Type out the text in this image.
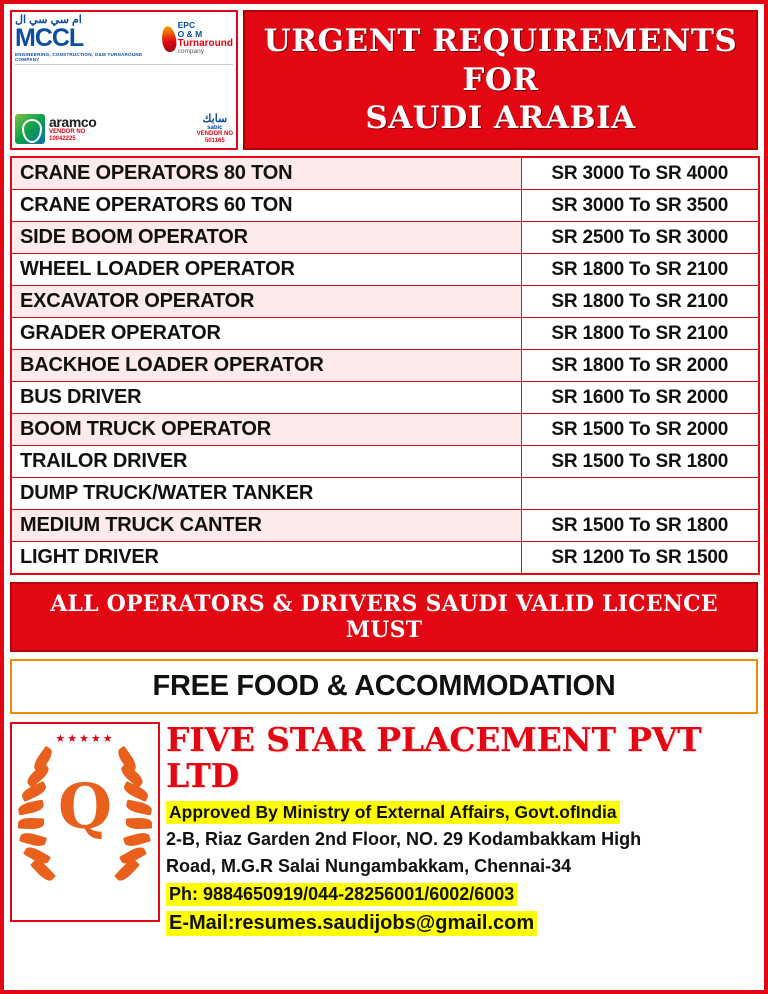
ام سي سي ال
MCCL
ENGINEERING, CONSTRUCTION, O&M TURNAROUND COMPANY
EPC
O & M
Turnaround
company
aramco
VENDOR NO
10042225
سابك
sabic
VENDOR NO
501165
URGENT REQUIREMENTS FOR
SAUDI ARABIA
CRANE OPERATORS 80 TON	SR 3000 To SR 4000
CRANE OPERATORS 60 TON	SR 3000 To SR 3500
SIDE BOOM OPERATOR	SR 2500 To SR 3000
WHEEL LOADER OPERATOR	SR 1800 To SR 2100
EXCAVATOR OPERATOR	SR 1800 To SR 2100
GRADER OPERATOR	SR 1800 To SR 2100
BACKHOE LOADER OPERATOR	SR 1800 To SR 2000
BUS DRIVER	SR 1600 To SR 2000
BOOM TRUCK OPERATOR	SR 1500 To SR 2000
TRAILOR DRIVER	SR 1500 To SR 1800
DUMP TRUCK/WATER TANKER	
MEDIUM TRUCK CANTER	SR 1500 To SR 1800
LIGHT DRIVER	SR 1200 To SR 1500
ALL OPERATORS & DRIVERS SAUDI VALID LICENCE MUST
FREE FOOD & ACCOMMODATION
★★★★★
Q
FIVE STAR PLACEMENT PVT LTD
Approved By Ministry of External Affairs, Govt.ofIndia
2-B, Riaz Garden 2nd Floor, NO. 29 Kodambakkam High
Road, M.G.R Salai Nungambakkam, Chennai-34
Ph: 9884650919/044-28256001/6002/6003 E-Mail:resumes.saudijobs@gmail.com
